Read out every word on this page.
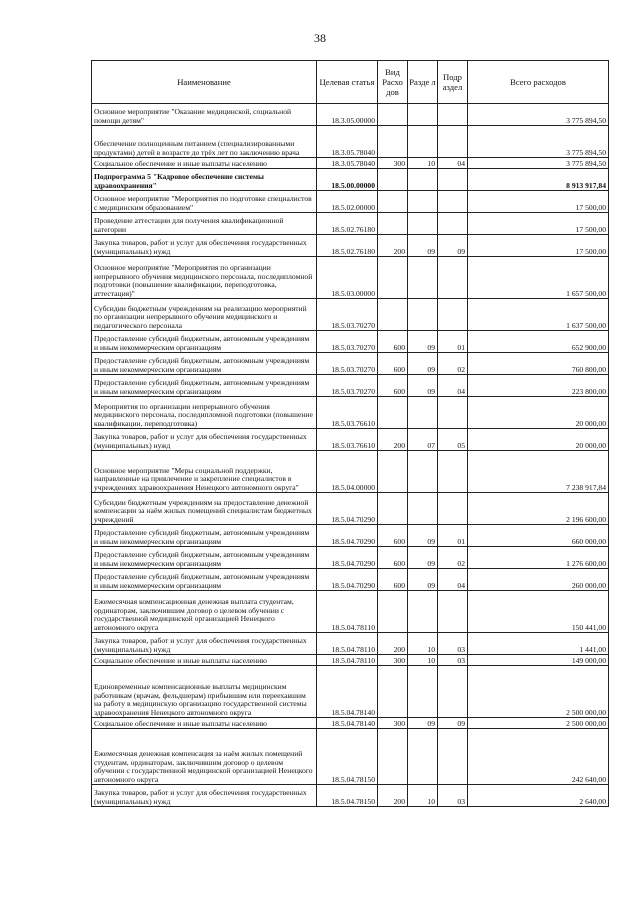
38
Наименование	Целевая статья	Вид Расхо дов	Разде л	Подр аздел	Всего расходов
Основное мероприятие "Оказание медицинской, социальной помощи детям"	18.3.05.00000				3 775 894,50
Обеспечение полноценным питанием (специализированными продуктами) детей в возрасте до трёх лет по заключению врача	18.3.05.78040				3 775 894,50
Социальное обеспечение и иные выплаты населению	18.3.05.78040	300	10	04	3 775 894,50
Подпрограмма 5 "Кадровое обеспечение системы здравоохранения"	18.5.00.00000				8 913 917,84
Основное мероприятие "Мероприятия по подготовке специалистов с медицинским образованием"	18.5.02.00000				17 500,00
Проведение аттестации для получения квалификационной категории	18.5.02.76180				17 500,00
Закупка товаров, работ и услуг для обеспечения государственных (муниципальных) нужд	18.5.02.76180	200	09	09	17 500,00
Основное мероприятие "Мероприятия по организации непрерывного обучения медицинского персонала, последипломной подготовки (повышение квалификации, переподготовка, аттестация)"	18.5.03.00000				1 657 500,00
Субсидии бюджетным учреждениям на реализацию мероприятий по организации непрерывного обучения медицинского и педагогического персонала	18.5.03.70270				1 637 500,00
Предоставление субсидий бюджетным, автономным учреждениям и иным некоммерческим организациям	18.5.03.70270	600	09	01	652 900,00
Предоставление субсидий бюджетным, автономным учреждениям и иным некоммерческим организациям	18.5.03.70270	600	09	02	760 800,00
Предоставление субсидий бюджетным, автономным учреждениям и иным некоммерческим организациям	18.5.03.70270	600	09	04	223 800,00
Мероприятия по организации непрерывного обучения медицинского персонала, последипломной подготовки (повышение квалификации, переподготовка)	18.5.03.76610				20 000,00
Закупка товаров, работ и услуг для обеспечения государственных (муниципальных) нужд	18.5.03.76610	200	07	05	20 000,00
Основное мероприятие "Меры социальной поддержки, направленные на привлечение и закрепление специалистов в учреждениях здравоохранения Ненецкого автономного округа"	18.5.04.00000				7 238 917,84
Субсидии бюджетным учреждениям на предоставление денежной компенсации за наём жилых помещений специалистам бюджетных учреждений	18.5.04.70290				2 196 600,00
Предоставление субсидий бюджетным, автономным учреждениям и иным некоммерческим организациям	18.5.04.70290	600	09	01	660 000,00
Предоставление субсидий бюджетным, автономным учреждениям и иным некоммерческим организациям	18.5.04.70290	600	09	02	1 276 600,00
Предоставление субсидий бюджетным, автономным учреждениям и иным некоммерческим организациям	18.5.04.70290	600	09	04	260 000,00
Ежемесячная компенсационная денежная выплата студентам, ординаторам, заключившим договор о целевом обучении с государственной медицинской организацией Ненецкого автономного округа	18.5.04.78110				150 441,00
Закупка товаров, работ и услуг для обеспечения государственных (муниципальных) нужд	18.5.04.78110	200	10	03	1 441,00
Социальное обеспечение и иные выплаты населению	18.5.04.78110	300	10	03	149 000,00
Единовременные компенсационные выплаты медицинским работникам (врачам, фельдшерам) прибывшим или переехавшим на работу в медицинскую организацию государственной системы здравоохранения Ненецкого автономного округа	18.5.04.78140				2 500 000,00
Социальное обеспечение и иные выплаты населению	18.5.04.78140	300	09	09	2 500 000,00
Ежемесячная денежная компенсация за наём жилых помещений студентам, ординаторам, заключившим договор о целевом обучении с государственной медицинской организацией Ненецкого автономного округа	18.5.04.78150				242 640,00
Закупка товаров, работ и услуг для обеспечения государственных (муниципальных) нужд	18.5.04.78150	200	10	03	2 640,00
